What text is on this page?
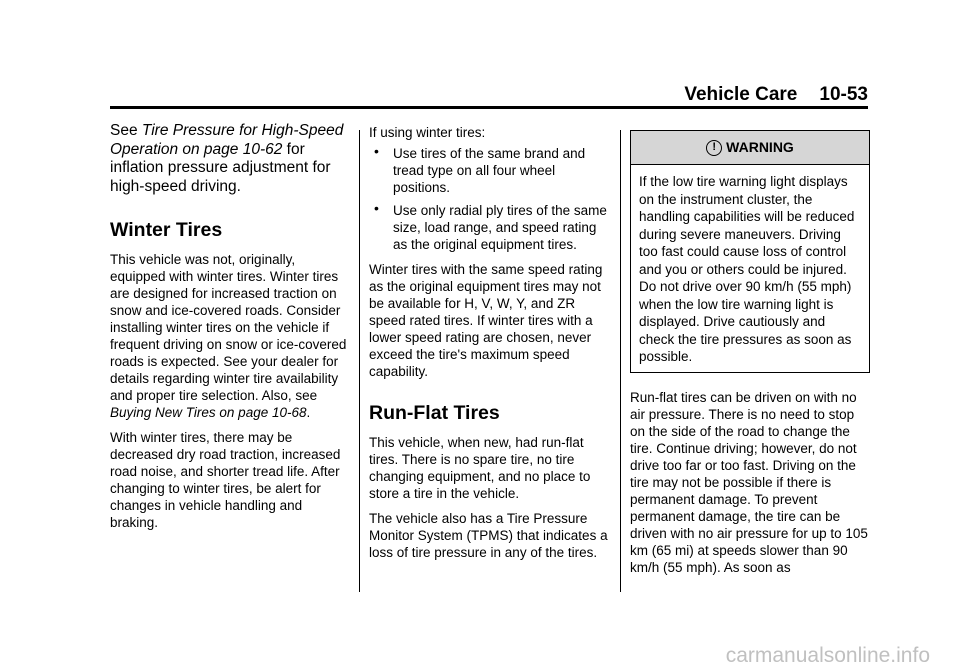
Vehicle Care 10-53

See Tire Pressure for High-Speed Operation on page 10-62 for inflation pressure adjustment for high-speed driving.

Winter Tires

This vehicle was not, originally, equipped with winter tires. Winter tires are designed for increased traction on snow and ice-covered roads. Consider installing winter tires on the vehicle if frequent driving on snow or ice-covered roads is expected. See your dealer for details regarding winter tire availability and proper tire selection. Also, see Buying New Tires on page 10-68.

With winter tires, there may be decreased dry road traction, increased road noise, and shorter tread life. After changing to winter tires, be alert for changes in vehicle handling and braking.

If using winter tires:

• Use tires of the same brand and tread type on all four wheel positions.
• Use only radial ply tires of the same size, load range, and speed rating as the original equipment tires.

Winter tires with the same speed rating as the original equipment tires may not be available for H, V, W, Y, and ZR speed rated tires. If winter tires with a lower speed rating are chosen, never exceed the tire's maximum speed capability.

Run-Flat Tires

This vehicle, when new, had run-flat tires. There is no spare tire, no tire changing equipment, and no place to store a tire in the vehicle.

The vehicle also has a Tire Pressure Monitor System (TPMS) that indicates a loss of tire pressure in any of the tires.

! WARNING
If the low tire warning light displays on the instrument cluster, the handling capabilities will be reduced during severe maneuvers. Driving too fast could cause loss of control and you or others could be injured. Do not drive over 90 km/h (55 mph) when the low tire warning light is displayed. Drive cautiously and check the tire pressures as soon as possible.

Run-flat tires can be driven on with no air pressure. There is no need to stop on the side of the road to change the tire. Continue driving; however, do not drive too far or too fast. Driving on the tire may not be possible if there is permanent damage. To prevent permanent damage, the tire can be driven with no air pressure for up to 105 km (65 mi) at speeds slower than 90 km/h (55 mph). As soon as

carmanualsonline.info
